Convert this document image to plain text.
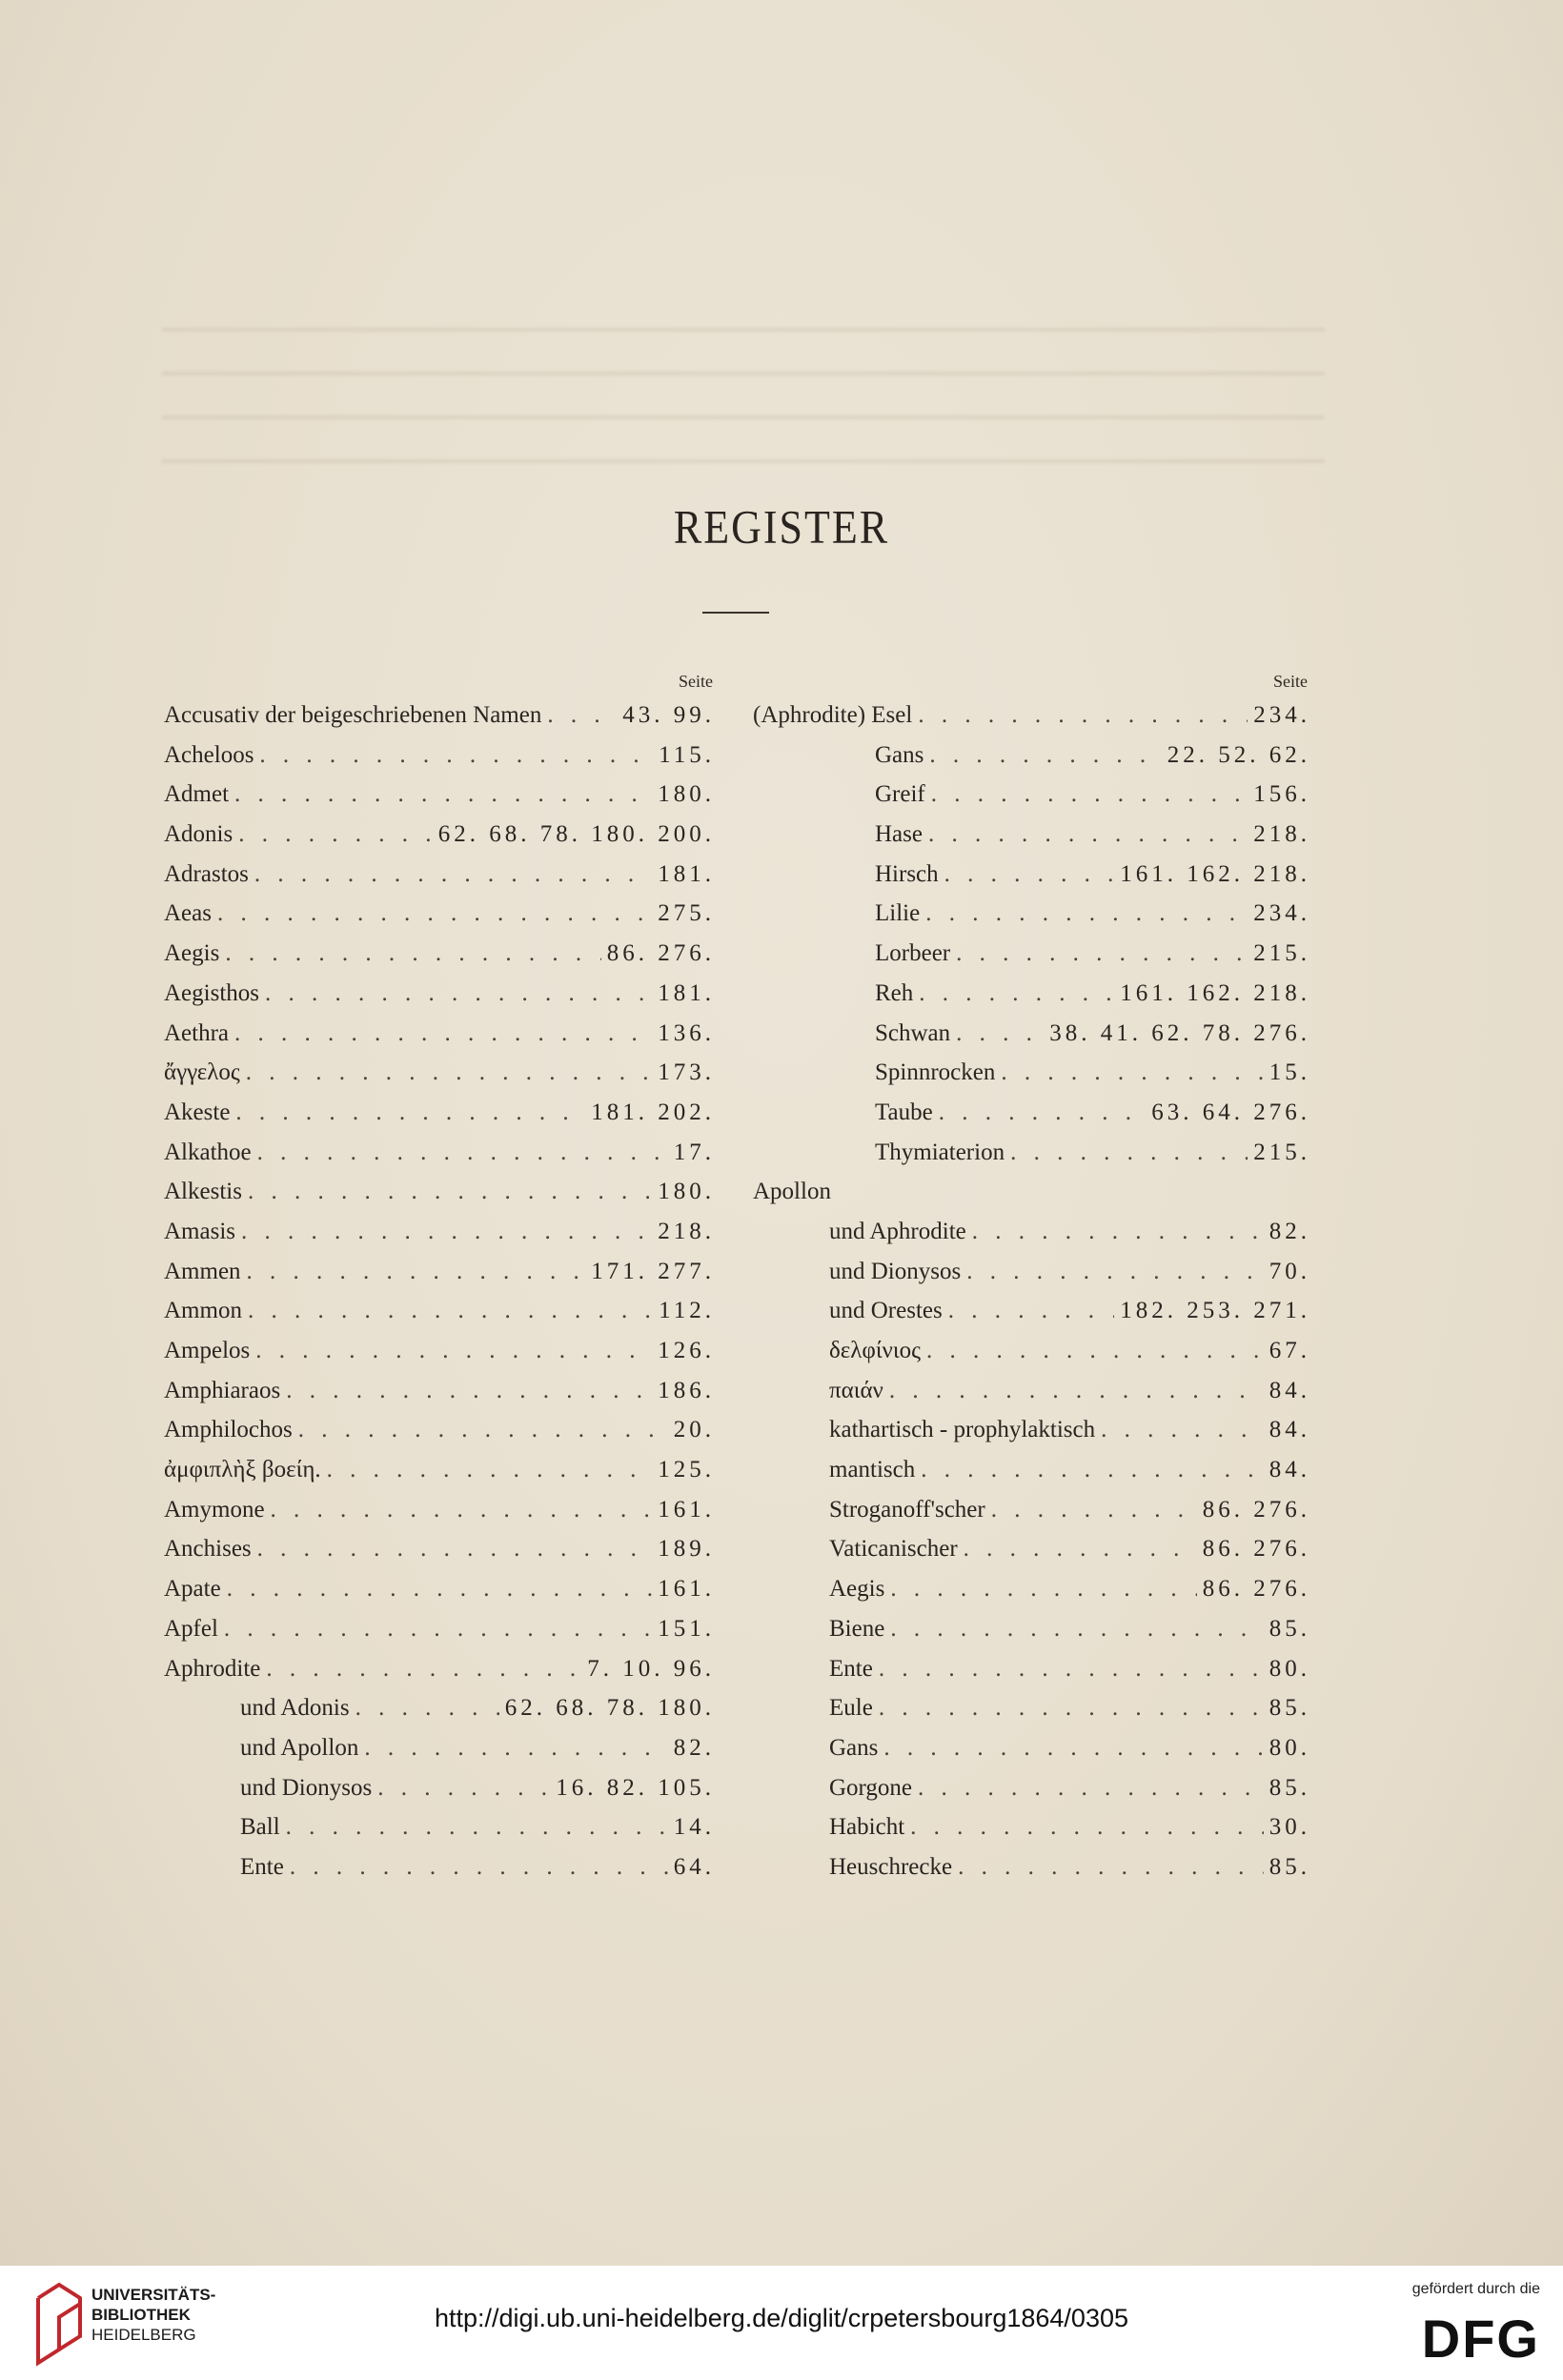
REGISTER
Seite	Seite
Accusativ der beigeschriebenen Namen . . .	43. 99.
Acheloos . . .	115.
Admet . . .	180.
Adonis . . .	62. 68. 78. 180. 200.
Adrastos . . .	181.
Aeas . . .	275.
Aegis . . .	86. 276.
Aegisthos . . .	181.
Aethra . . .	136.
ἄγγελος . . .	173.
Akeste . . .	181. 202.
Alkathoe . . .	17.
Alkestis . . .	180.
Amasis . . .	218.
Ammen . . .	171. 277.
Ammon . . .	112.
Ampelos . . .	126.
Amphiaraos . . .	186.
Amphilochos . . .	20.
ἀμφιπλὴξ βοείη. . . .	125.
Amymone . . .	161.
Anchises . . .	189.
Apate . . .	161.
Apfel . . .	151.
Aphrodite . . .	7. 10. 96.
und Adonis . . .	62. 68. 78. 180.
und Apollon . . .	82.
und Dionysos . . .	16. 82. 105.
Ball . . .	14.
Ente . . .	64.
(Aphrodite) Esel . . .	234.
Gans . . .	22. 52. 62.
Greif . . .	156.
Hase . . .	218.
Hirsch . . .	161. 162. 218.
Lilie . . .	234.
Lorbeer . . .	215.
Reh . . .	161. 162. 218.
Schwan . . .	38. 41. 62. 78. 276.
Spinnrocken . . .	15.
Taube . . .	63. 64. 276.
Thymiaterion . . .	215.
Apollon
und Aphrodite . . .	82.
und Dionysos . . .	70.
und Orestes . . .	182. 253. 271.
δελφίνιος . . .	67.
παιάν . . .	84.
kathartisch - prophylaktisch . . .	84.
mantisch . . .	84.
Stroganoff'scher . . .	86. 276.
Vaticanischer . . .	86. 276.
Aegis . . .	86. 276.
Biene . . .	85.
Ente . . .	80.
Eule . . .	85.
Gans . . .	80.
Gorgone . . .	85.
Habicht . . .	30.
Heuschrecke . . .	85.
UNIVERSITÄTS-
BIBLIOTHEK
HEIDELBERG
http://digi.ub.uni-heidelberg.de/diglit/crpetersbourg1864/0305
gefördert durch die
DFG
